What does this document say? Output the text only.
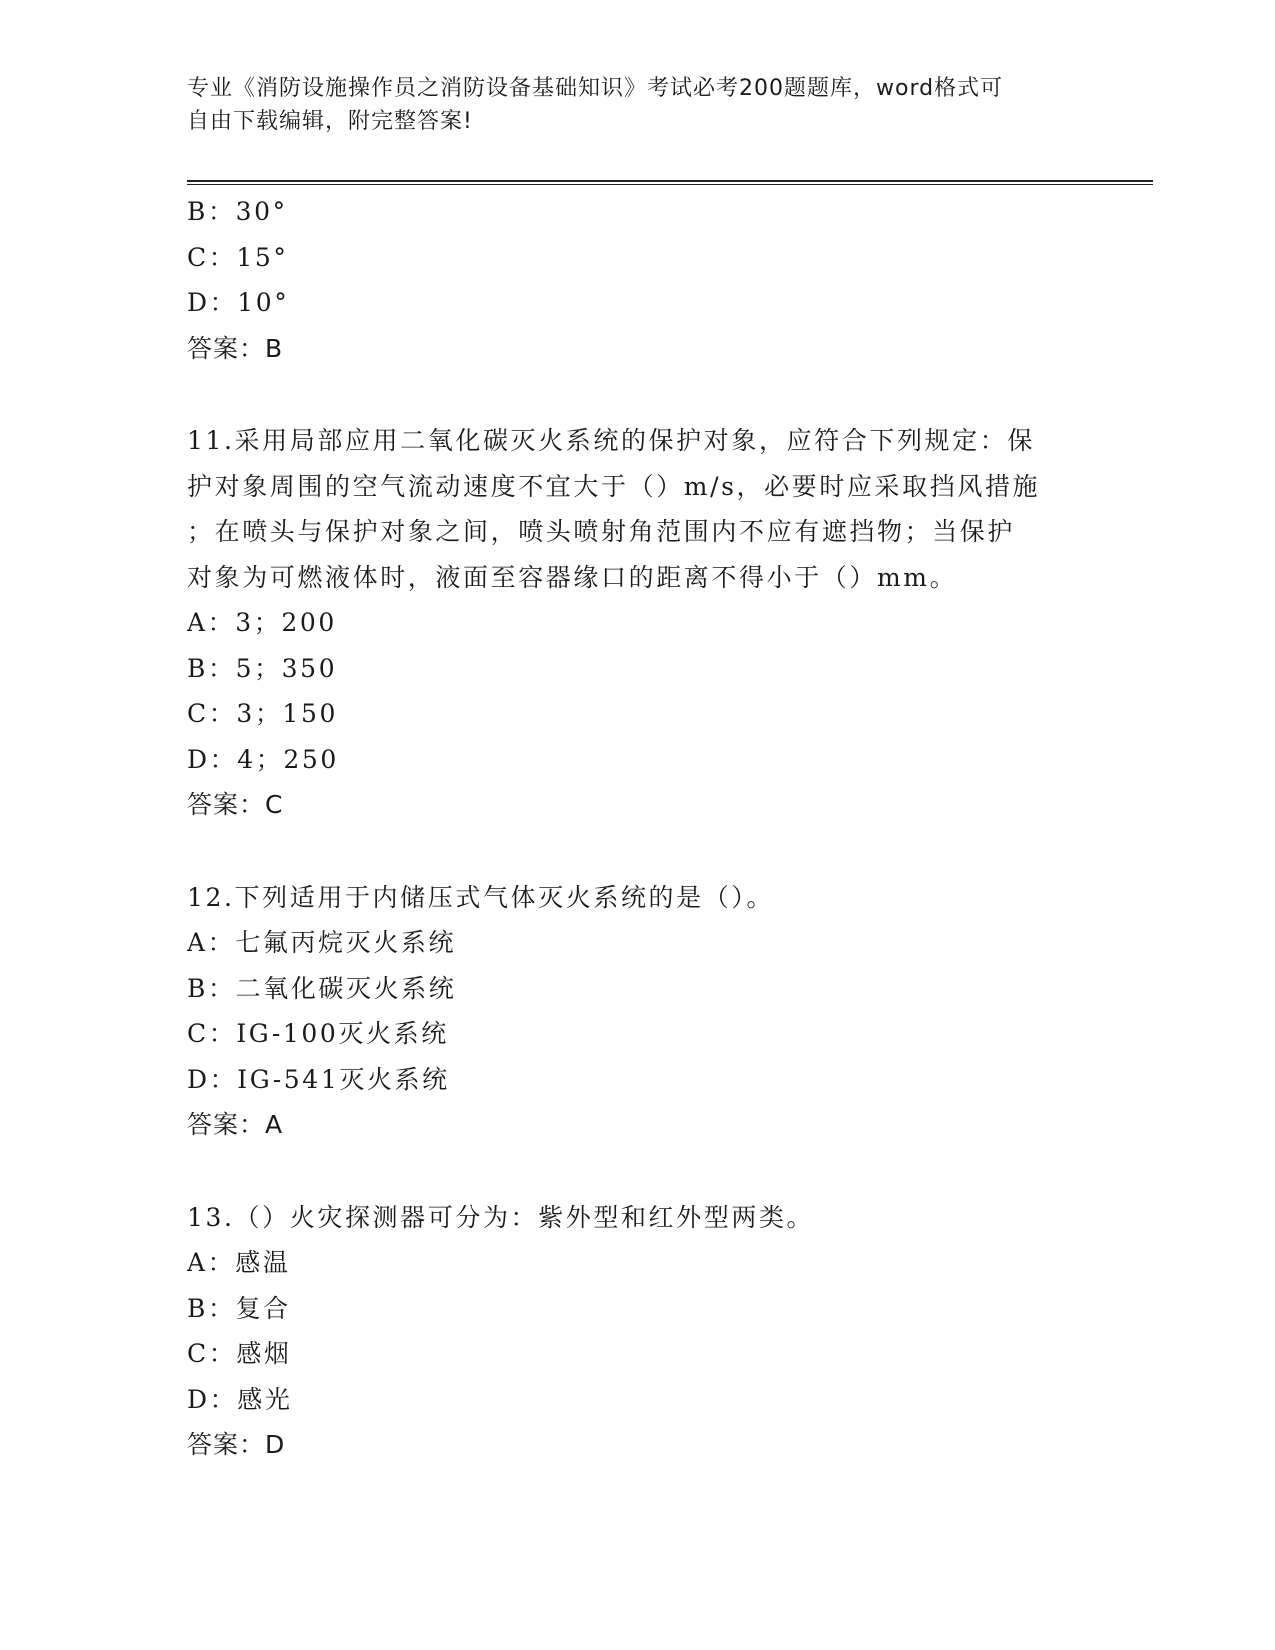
专业《消防设施操作员之消防设备基础知识》考试必考200题题库，word格式可
自由下载编辑，附完整答案!
B：30°
C：15°
D：10°
答案：B
11.采用局部应用二氧化碳灭火系统的保护对象，应符合下列规定：保
护对象周围的空气流动速度不宜大于（）m/s，必要时应采取挡风措施
；在喷头与保护对象之间，喷头喷射角范围内不应有遮挡物；当保护
对象为可燃液体时，液面至容器缘口的距离不得小于（）mm。
A：3；200
B：5；350
C：3；150
D：4；250
答案：C
12.下列适用于内储压式气体灭火系统的是（）。
A：七氟丙烷灭火系统
B：二氧化碳灭火系统
C：IG-100灭火系统
D：IG-541灭火系统
答案：A
13.（）火灾探测器可分为：紫外型和红外型两类。
A：感温
B：复合
C：感烟
D：感光
答案：D
